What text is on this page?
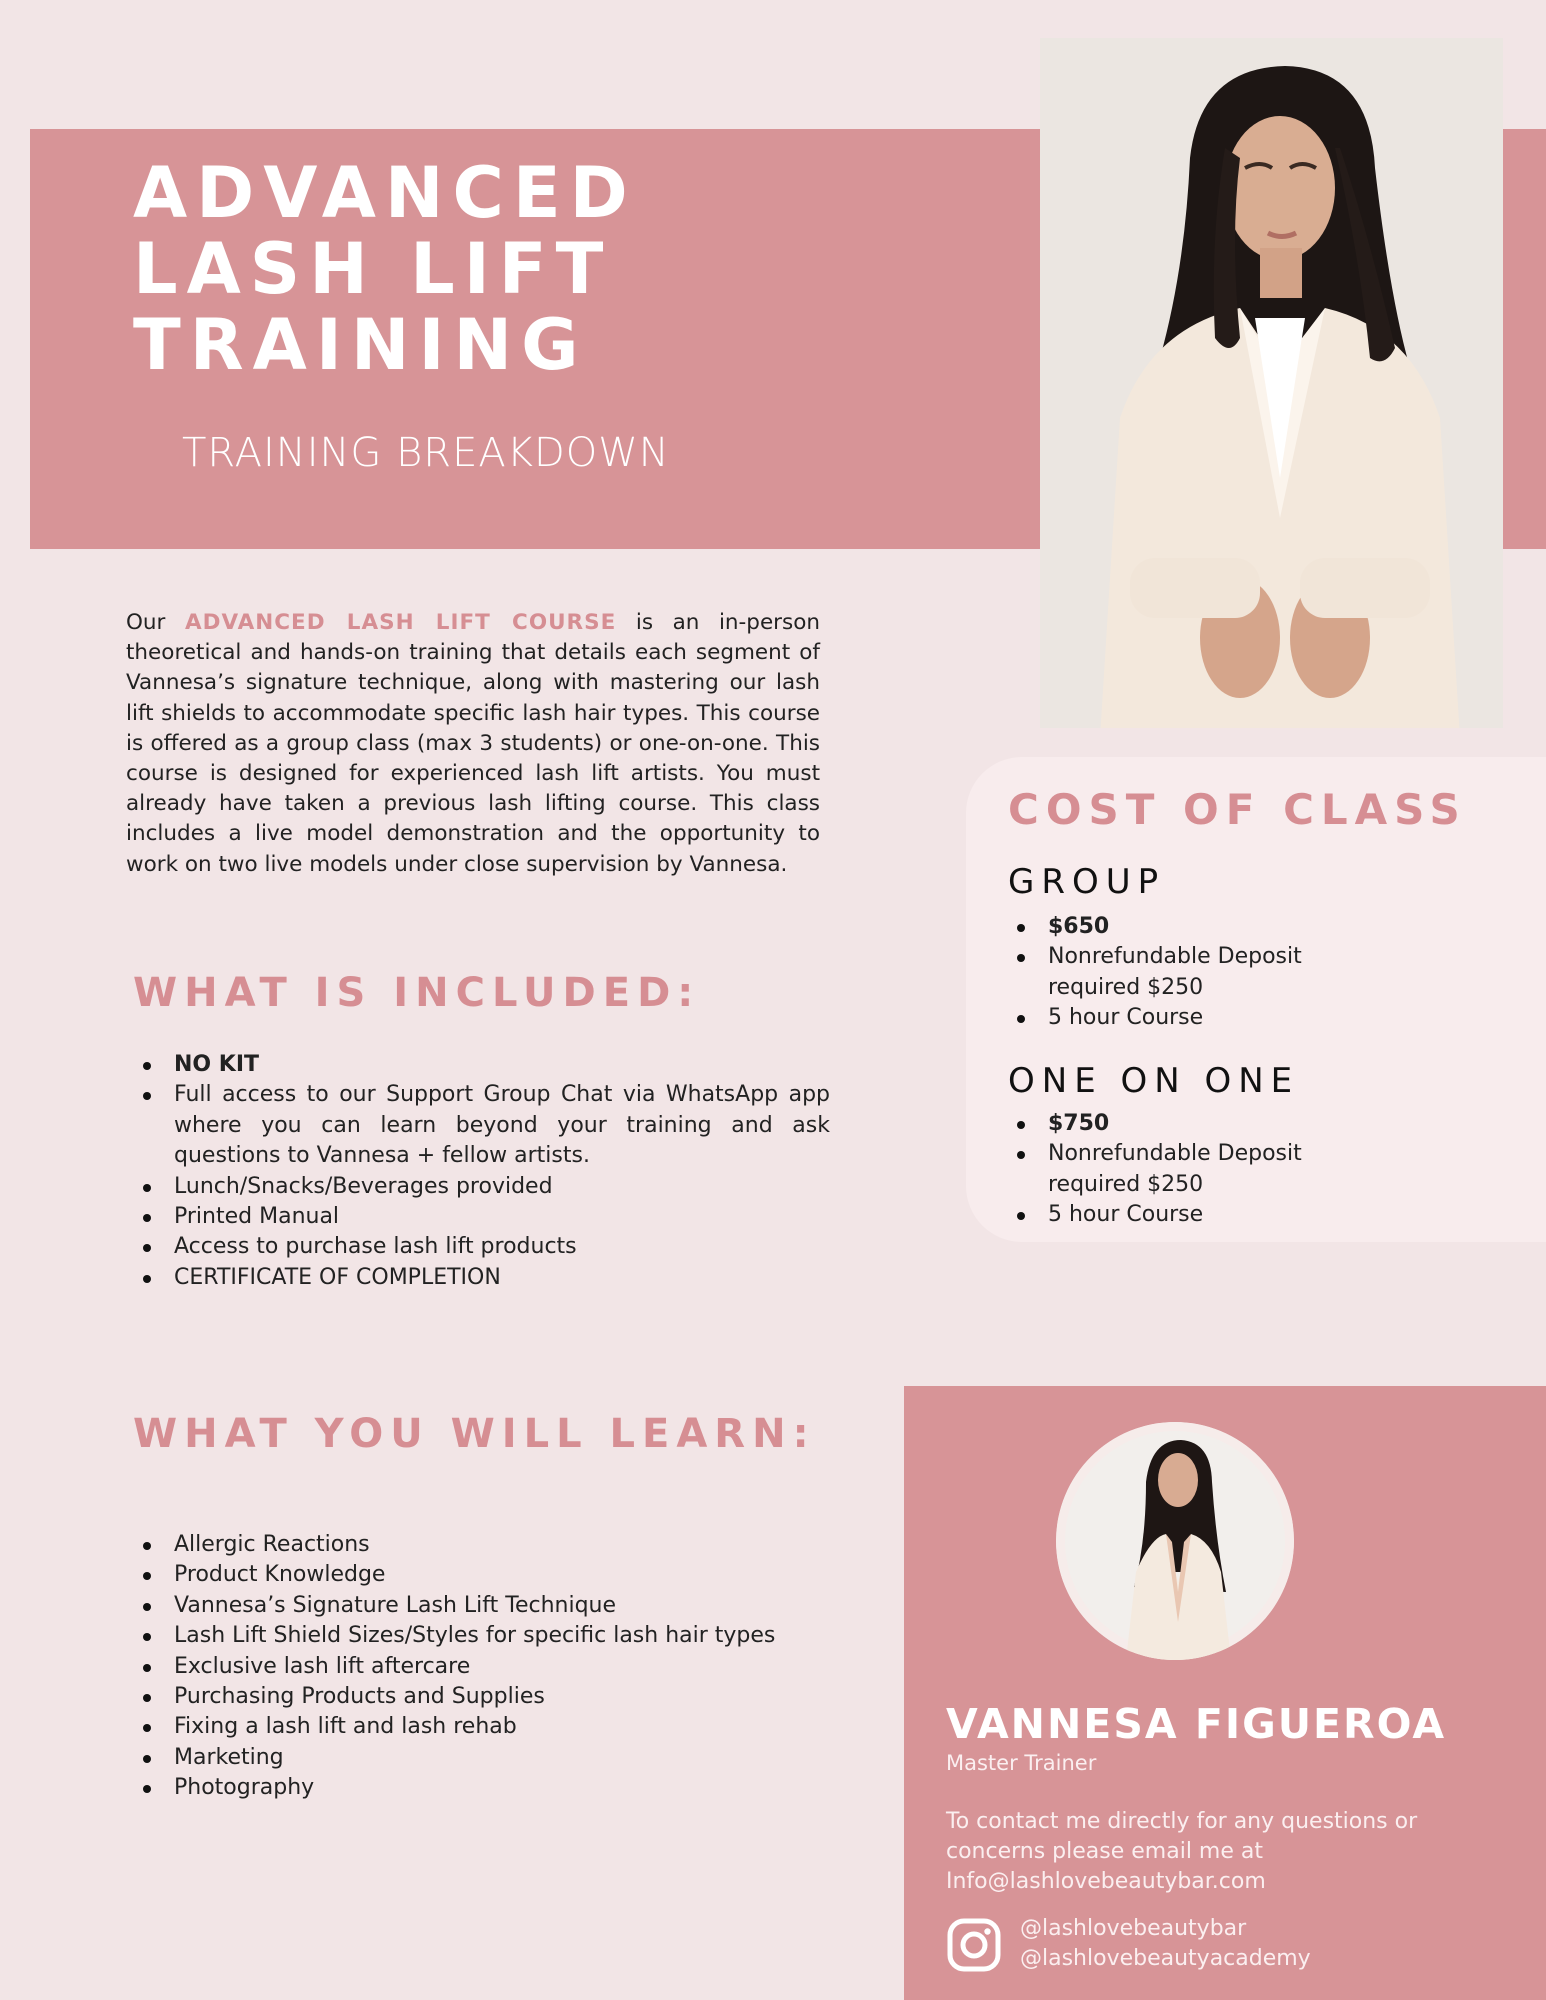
ADVANCED
LASH LIFT
TRAINING
TRAINING BREAKDOWN

Our ADVANCED LASH LIFT COURSE is an in-person theoretical and hands-on training that details each segment of Vannesa’s signature technique, along with mastering our lash lift shields to accommodate specific lash hair types. This course is offered as a group class (max 3 students) or one-on-one. This course is designed for experienced lash lift artists. You must already have taken a previous lash lifting course. This class includes a live model demonstration and the opportunity to work on two live models under close supervision by Vannesa.

WHAT IS INCLUDED:
NO KIT
Full access to our Support Group Chat via WhatsApp app where you can learn beyond your training and ask questions to Vannesa + fellow artists.
Lunch/Snacks/Beverages provided
Printed Manual
Access to purchase lash lift products
CERTIFICATE OF COMPLETION
WHAT YOU WILL LEARN:
Allergic Reactions
Product Knowledge
Vannesa’s Signature Lash Lift Technique
Lash Lift Shield Sizes/Styles for specific lash hair types
Exclusive lash lift aftercare
Purchasing Products and Supplies
Fixing a lash lift and lash rehab
Marketing
Photography
COST OF CLASS
GROUP
$650
Nonrefundable Deposit required $250
5 hour Course
ONE ON ONE
$750
Nonrefundable Deposit required $250
5 hour Course
VANNESA FIGUEROA
Master Trainer

To contact me directly for any questions or concerns please email me at Info@lashlovebeautybar.com

@lashlovebeautybar
@lashlovebeautyacademy
